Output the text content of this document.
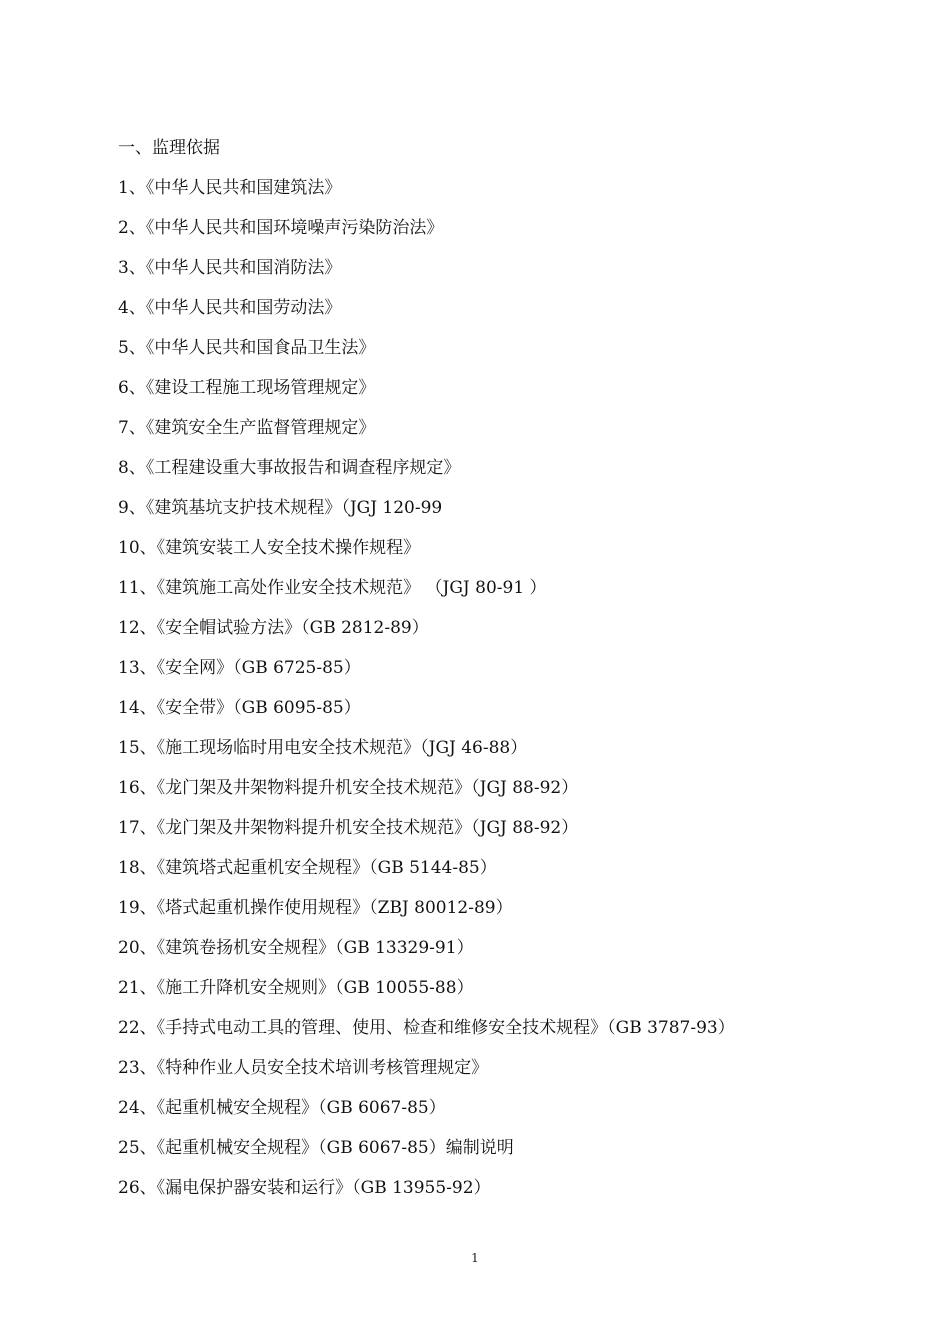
一、监理依据
1、《中华人民共和国建筑法》
2、《中华人民共和国环境噪声污染防治法》
3、《中华人民共和国消防法》
4、《中华人民共和国劳动法》
5、《中华人民共和国食品卫生法》
6、《建设工程施工现场管理规定》
7、《建筑安全生产监督管理规定》
8、《工程建设重大事故报告和调查程序规定》
9、《建筑基坑支护技术规程》（JGJ 120-99
10、《建筑安装工人安全技术操作规程》
11、《建筑施工高处作业安全技术规范》 （JGJ 80-91 ）
12、《安全帽试验方法》（GB 2812-89）
13、《安全网》（GB 6725-85）
14、《安全带》（GB 6095-85）
15、《施工现场临时用电安全技术规范》（JGJ 46-88）
16、《龙门架及井架物料提升机安全技术规范》（JGJ 88-92）
17、《龙门架及井架物料提升机安全技术规范》（JGJ 88-92）
18、《建筑塔式起重机安全规程》（GB 5144-85）
19、《塔式起重机操作使用规程》（ZBJ 80012-89）
20、《建筑卷扬机安全规程》（GB 13329-91）
21、《施工升降机安全规则》（GB 10055-88）
22、《手持式电动工具的管理、使用、检查和维修安全技术规程》（GB 3787-93）
23、《特种作业人员安全技术培训考核管理规定》
24、《起重机械安全规程》（GB 6067-85）
25、《起重机械安全规程》（GB 6067-85）编制说明
26、《漏电保护器安装和运行》（GB 13955-92）
1
